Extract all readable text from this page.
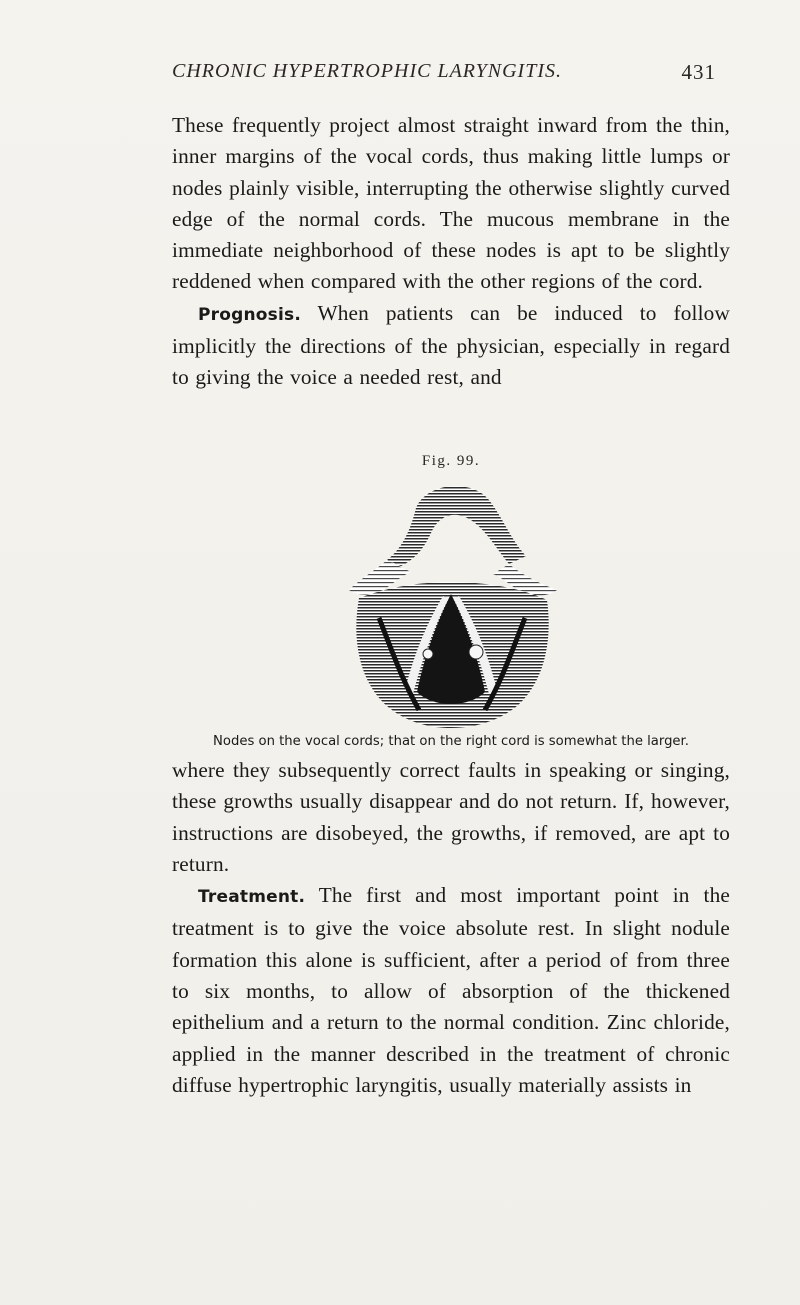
CHRONIC HYPERTROPHIC LARYNGITIS.	431

These frequently project almost straight inward from the thin, inner margins of the vocal cords, thus making little lumps or nodes plainly visible, interrupting the otherwise slightly curved edge of the normal cords. The mucous membrane in the immediate neighborhood of these nodes is apt to be slightly reddened when compared with the other regions of the cord.

Prognosis. When patients can be induced to follow implicitly the directions of the physician, especially in regard to giving the voice a needed rest, and

Fig. 99.
Nodes on the vocal cords; that on the right cord is somewhat the larger.

where they subsequently correct faults in speaking or singing, these growths usually disappear and do not return. If, however, instructions are disobeyed, the growths, if removed, are apt to return.

Treatment. The first and most important point in the treatment is to give the voice absolute rest. In slight nodule formation this alone is sufficient, after a period of from three to six months, to allow of absorption of the thickened epithelium and a return to the normal condition. Zinc chloride, applied in the manner described in the treatment of chronic diffuse hypertrophic laryngitis, usually materially assists in
